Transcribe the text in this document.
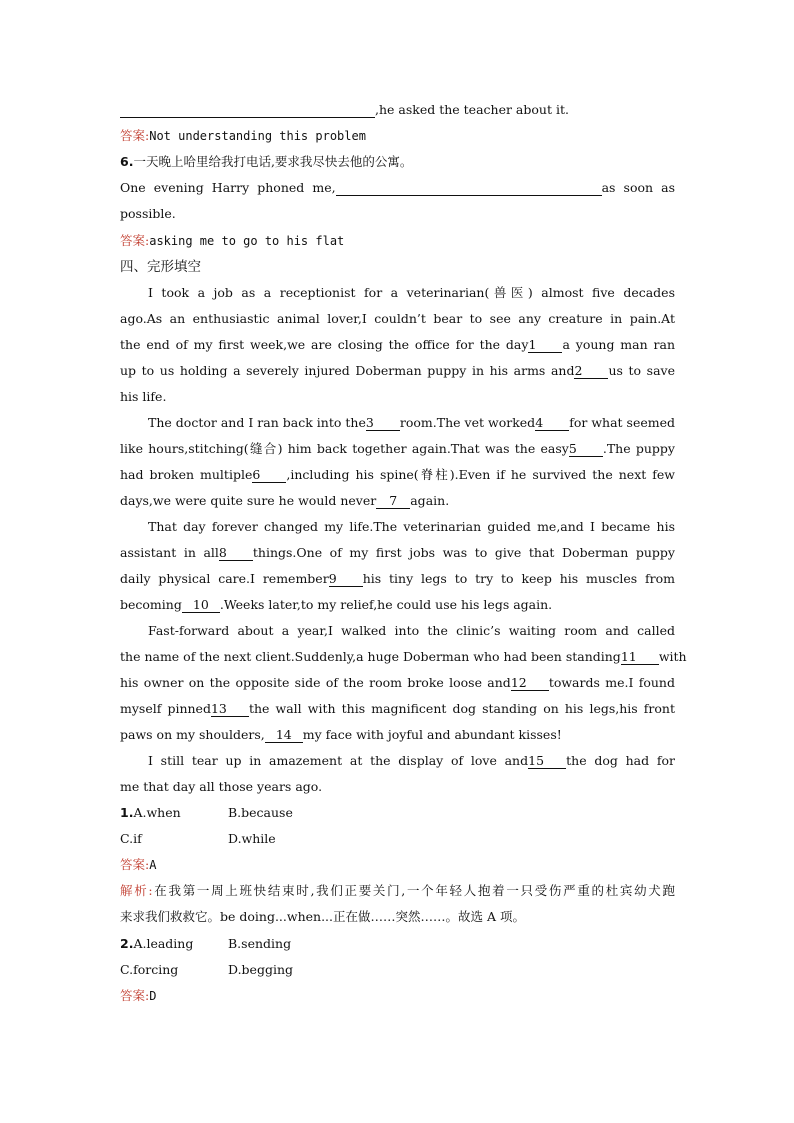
,he asked the teacher about it.
答案:Not understanding this problem
6.一天晚上哈里给我打电话,要求我尽快去他的公寓。
One evening Harry phoned me,	as soon as
possible.
答案:asking me to go to his flat
四、完形填空
I took a job as a receptionist for a veterinarian(兽医) almost five decades
ago.As an enthusiastic animal lover,I couldn’t bear to see any creature in pain.At
the end of my first week,we are closing the office for the day1 a young man ran
up to us holding a severely injured Doberman puppy in his arms and2 us to save
his life.
The doctor and I ran back into the3 room.The vet worked4 for what seemed
like hours,stitching(缝合) him back together again.That was the easy5 .The puppy
had broken multiple6 ,including his spine(脊柱).Even if he survived the next few
days,we were quite sure he would never 7 again.
That day forever changed my life.The veterinarian guided me,and I became his
assistant in all8 things.One of my first jobs was to give that Doberman puppy
daily physical care.I remember9 his tiny legs to try to keep his muscles from
becoming 10 .Weeks later,to my relief,he could use his legs again.
Fast-forward about a year,I walked into the clinic’s waiting room and called
the name of the next client.Suddenly,a huge Doberman who had been standing11 with
his owner on the opposite side of the room broke loose and12 towards me.I found
myself pinned13 the wall with this magnificent dog standing on his legs,his front
paws on my shoulders, 14 my face with joyful and abundant kisses!
I still tear up in amazement at the display of love and15 the dog had for
me that day all those years ago.
1.A.when	B.because
C.if	D.while
答案:A
解析:在我第一周上班快结束时,我们正要关门,一个年轻人抱着一只受伤严重的杜宾幼犬跑
来求我们救救它。be doing...when...正在做……突然……。故选 A 项。
2.A.leading	B.sending
C.forcing	D.begging
答案:D
